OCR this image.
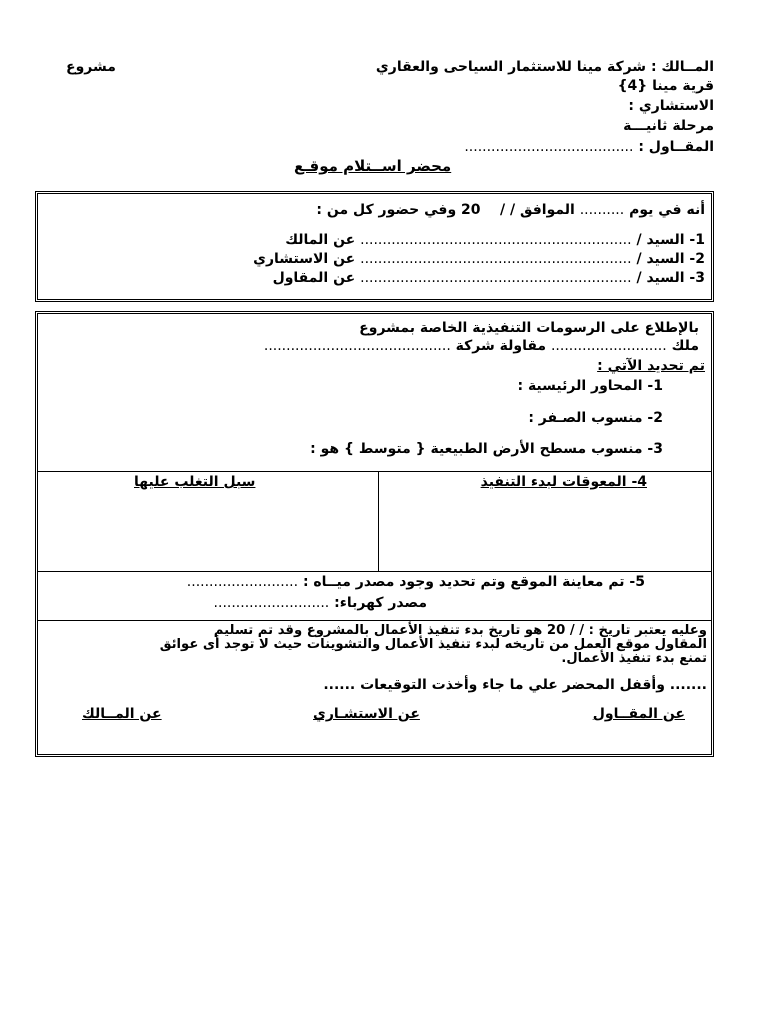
المــالك : شركة مينا للاستثمار السياحى والعقاري
مشروع
قرية مينا {4}
الاستشاري :
مرحلة ثانيـــة
المقــاول : ......................................
محضر اســتلام موقـع
أنه في يوم .......... الموافق / /    20 وفي حضور كل من :
1- السيد / ............................................................. عن المالك
2- السيد / ............................................................. عن الاستشاري
3- السيد / ............................................................. عن المقاول
بالإطلاع على الرسومات التنفيذية الخاصة بمشروع
ملك .......................... مقاولة شركة ..........................................
تم تحديد الآتي :
1- المحاور الرئيسية :
2- منسوب الصـفر :
3- منسوب مسطح الأرض الطبيعية { متوسط } هو :
4- المعوقات لبدء التنفيذ
سبل التغلب عليها
5- تم معاينة الموقع وتم تحديد وجود مصدر ميــاه : .........................
مصدر كهرباء: ..........................
وعليه يعتبر تاريخ : / / 20 هو تاريخ بدء تنفيذ الأعمال بالمشروع وقد تم تسليم
المقاول موقع العمل من تاريخه لبدء تنفيذ الأعمال والتشوينات حيث لا توجد أى عوائق
تمنع بدء تنفيذ الأعمال.
....... وأقفل المحضر علي ما جاء وأخذت التوقيعات ......
عن المقــاول
عن الاستشـاري
عن المــالك
